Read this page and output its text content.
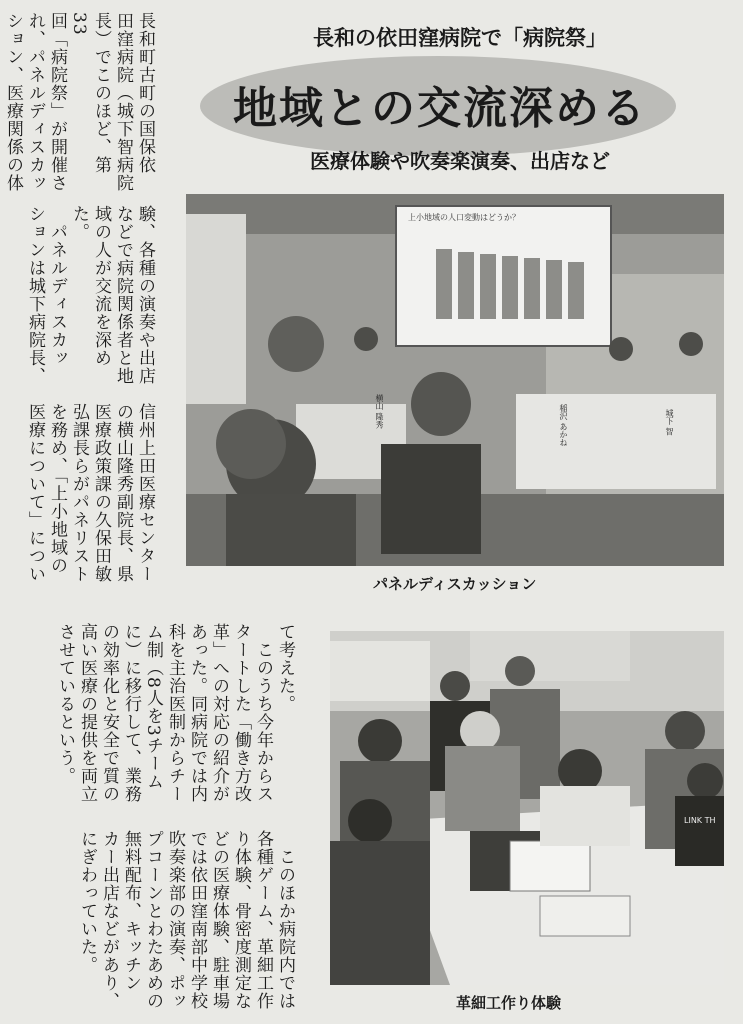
長和の依田窪病院で「病院祭」
地域との交流深める
医療体験や吹奏楽演奏、出店など

長和町古町の国保依
田窪病院（城下智病院
長）でこのほど、第33
回「病院祭」が開催さ
れ、パネルディスカッ
ション、医療関係の体

験、各種の演奏や出店
などで病院関係者と地
域の人が交流を深め
た。
　パネルディスカッ
ションは城下病院長、

信州上田医療センター
の横山隆秀副院長、県
医療政策課の久保田敏
弘課長らがパネリスト
を務め、「上小地域の
医療について」につい

て考えた。
　このうち今年からス
タートした「働き方改
革」への対応の紹介が
あった。同病院では内
科を主治医制からチー
ム制（8人を3チーム
に）に移行して、業務
の効率化と安全で質の
高い医療の提供を両立
させているという。

　このほか病院内では
各種ゲーム、革細工作
り体験、骨密度測定な
どの医療体験、駐車場
では依田窪南部中学校
吹奏楽部の演奏、ポッ
プコーンとわたあめの
無料配布、キッチン
カー出店などがあり、
にぎわっていた。

上小地域の人口変動はどうか？
横山 隆秀	城下 智
稲沢 あかね
パネルディスカッション
LINK TH
革細工作り体験
